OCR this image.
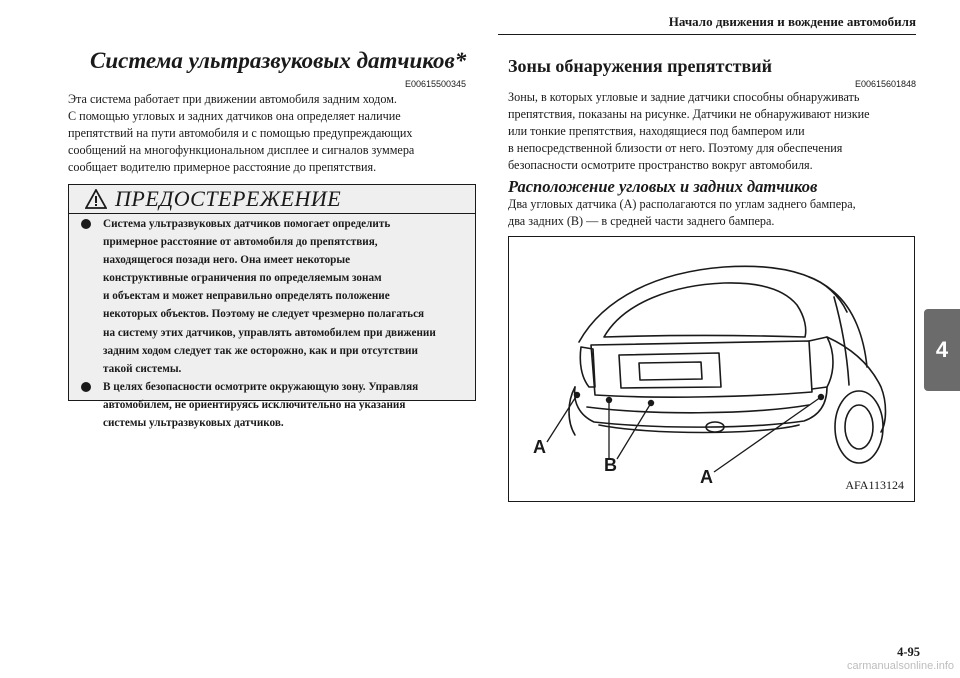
Начало движения и вождение автомобиля
4
Система ультразвуковых датчиков*
E00615500345

Эта система работает при движении автомобиля задним ходом.

С помощью угловых и задних датчиков она определяет наличие

препятствий на пути автомобиля и с помощью предупреждающих

сообщений на многофункциональном дисплее и сигналов зуммера

сообщает водителю примерное расстояние до препятствия.

ПРЕДОСТЕРЕЖЕНИЕ
Система ультразвуковых датчиков помогает определить
примерное расстояние от автомобиля до препятствия,
находящегося позади него. Она имеет некоторые
конструктивные ограничения по определяемым зонам
и объектам и может неправильно определять положение
некоторых объектов. Поэтому не следует чрезмерно полагаться
на систему этих датчиков, управлять автомобилем при движении
задним ходом следует так же осторожно, как и при отсутствии
такой системы.
В целях безопасности осмотрите окружающую зону. Управляя
автомобилем, не ориентируясь исключительно на указания
системы ультразвуковых датчиков.
Зоны обнаружения препятствий
E00615601848

Зоны, в которых угловые и задние датчики способны обнаруживать

препятствия, показаны на рисунке. Датчики не обнаруживают низкие

или тонкие препятствия, находящиеся под бампером или

в непосредственной близости от него. Поэтому для обеспечения

безопасности осмотрите пространство вокруг автомобиля.

Расположение угловых и задних датчиков

Два угловых датчика (A) располагаются по углам заднего бампера,

два задних (B) — в средней части заднего бампера.

A
B
A	AFA113124
4-95
carmanualsonline.info
